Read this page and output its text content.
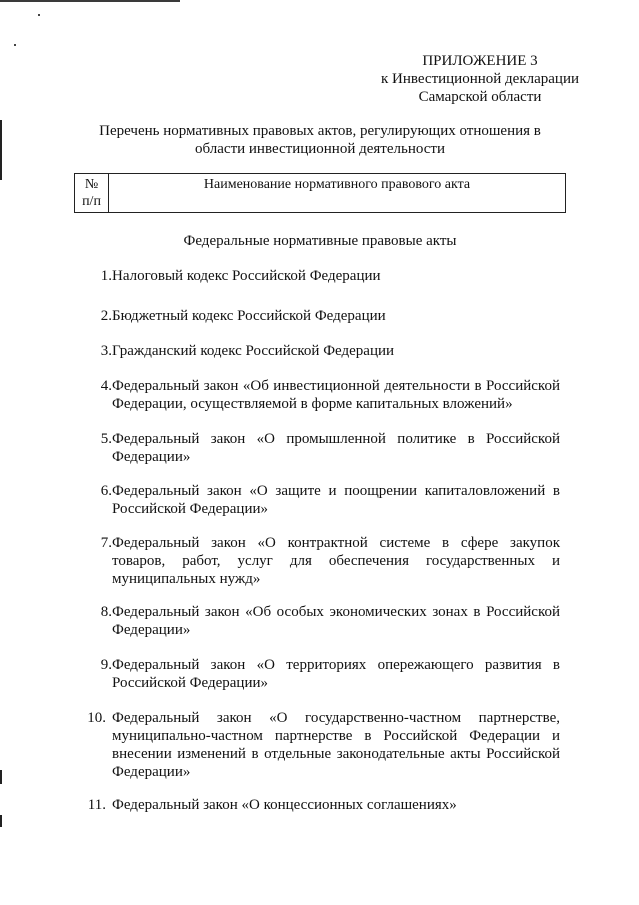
ПРИЛОЖЕНИЕ 3
к Инвестиционной декларации
Самарской области
Перечень нормативных правовых актов, регулирующих отношения в
области инвестиционной деятельности
№
п/п
Наименование нормативного правового акта
Федеральные нормативные правовые акты
1. Налоговый кодекс Российской Федерации
2. Бюджетный кодекс Российской Федерации
3. Гражданский кодекс Российской Федерации
4. Федеральный закон «Об инвестиционной деятельности в Российской
Федерации, осуществляемой в форме капитальных вложений»
5. Федеральный закон «О промышленной политике в Российской
Федерации»
6. Федеральный закон «О защите и поощрении капиталовложений в
Российской Федерации»
7. Федеральный закон «О контрактной системе в сфере закупок
товаров, работ, услуг для обеспечения государственных и
муниципальных нужд»
8. Федеральный закон «Об особых экономических зонах в Российской
Федерации»
9. Федеральный закон «О территориях опережающего развития в
Российской Федерации»
10. Федеральный закон «О государственно-частном партнерстве,
муниципально-частном партнерстве в Российской Федерации и
внесении изменений в отдельные законодательные акты Российской
Федерации»
11. Федеральный закон «О концессионных соглашениях»
